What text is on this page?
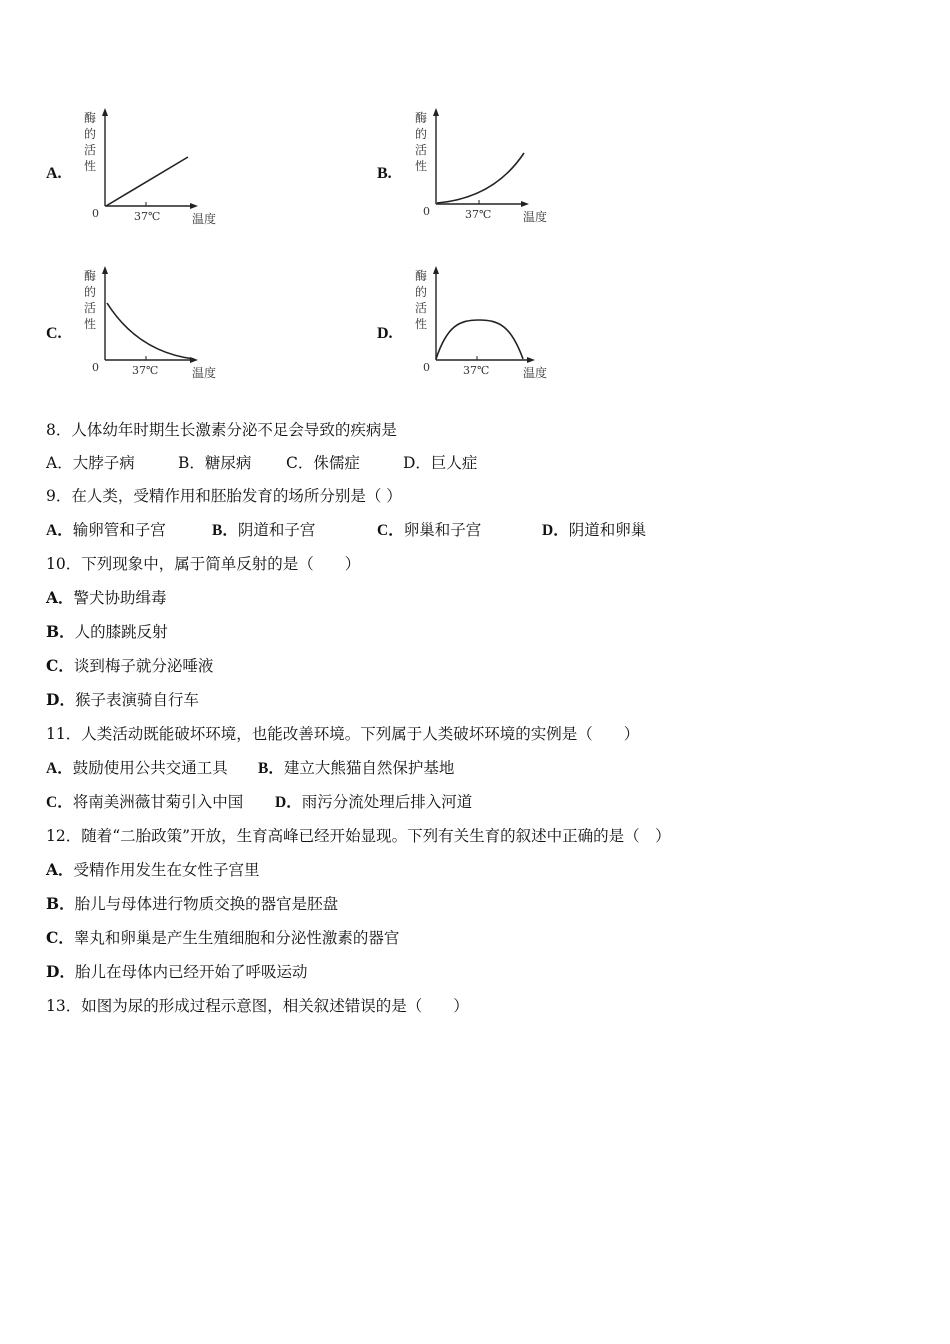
A.
酶
的
活
性
0	37℃	温度
B.
酶
的
活
性
0	37℃	温度
C.
酶
的
活
性
0	37℃	温度
D.
酶
的
活
性
0	37℃	温度
8．人体幼年时期生长激素分泌不足会导致的疾病是
A．大脖子病	B．糖尿病 C．侏儒症	D．巨人症
9．在人类，受精作用和胚胎发育的场所分别是（ ）
A．输卵管和子宫	B．阴道和子宫	C．卵巢和子宫	D．阴道和卵巢
10．下列现象中，属于简单反射的是（　　）
A．警犬协助缉毒
B．人的膝跳反射
C．谈到梅子就分泌唾液
D．猴子表演骑自行车
11．人类活动既能破坏环境，也能改善环境。下列属于人类破坏环境的实例是（　　）
A．鼓励使用公共交通工具 B．建立大熊猫自然保护基地
C．将南美洲薇甘菊引入中国 D．雨污分流处理后排入河道
12．随着“二胎政策”开放，生育高峰已经开始显现。下列有关生育的叙述中正确的是（　）
A．受精作用发生在女性子宫里
B．胎儿与母体进行物质交换的器官是胚盘
C．睾丸和卵巢是产生生殖细胞和分泌性激素的器官
D．胎儿在母体内已经开始了呼吸运动
13．如图为尿的形成过程示意图，相关叙述错误的是（　　）
